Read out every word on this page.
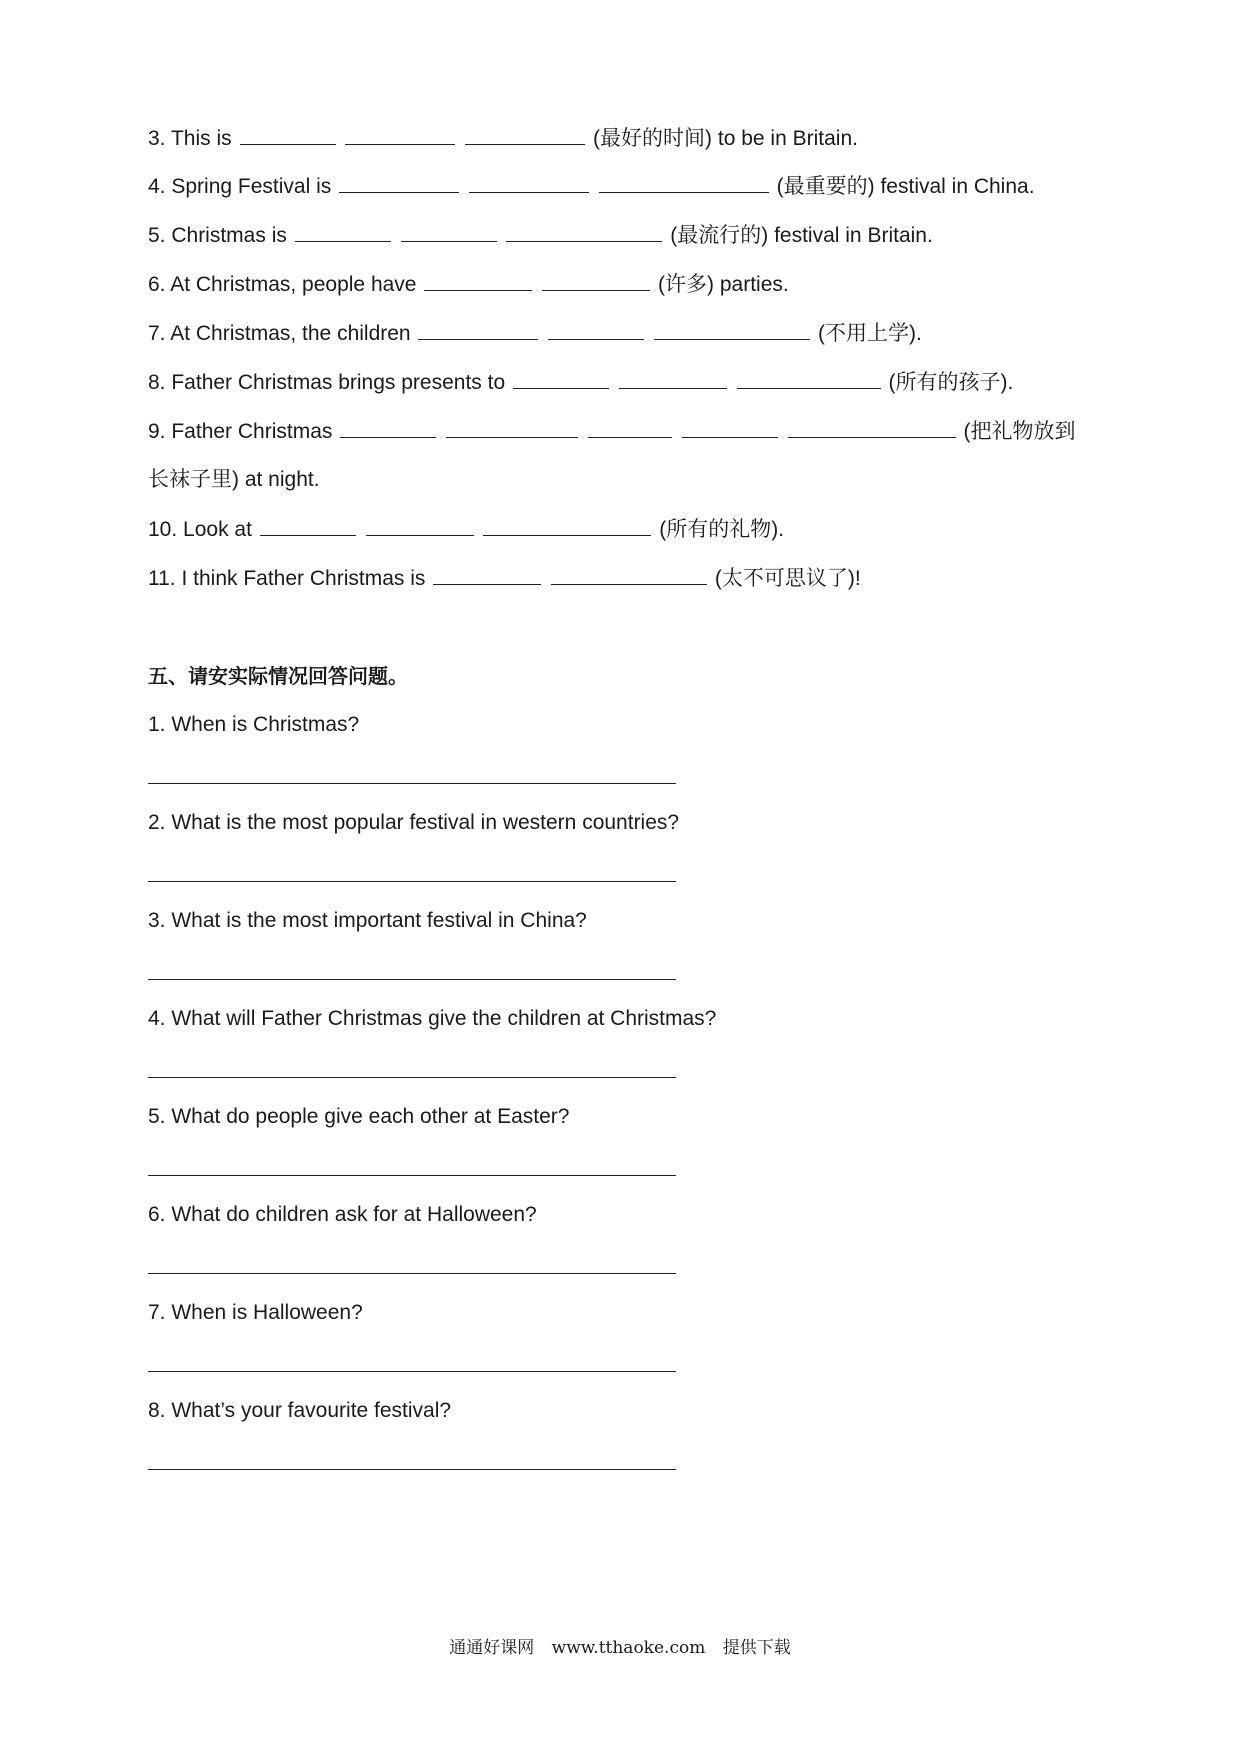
3. This is	(最好的时间) to be in Britain.
4. Spring Festival is	(最重要的) festival in China.
5. Christmas is	(最流行的) festival in Britain.
6. At Christmas, people have	(许多) parties.
7. At Christmas, the children	(不用上学).
8. Father Christmas brings presents to	(所有的孩子).
9. Father Christmas	(把礼物放到
长袜子里) at night.
10. Look at	(所有的礼物).
11. I think Father Christmas is	(太不可思议了)!
五、请安实际情况回答问题。
1. When is Christmas?
2. What is the most popular festival in western countries?
3. What is the most important festival in China?
4. What will Father Christmas give the children at Christmas?
5. What do people give each other at Easter?
6. What do children ask for at Halloween?
7. When is Halloween?
8. What’s your favourite festival?
通通好课网 www.tthaoke.com 提供下载
